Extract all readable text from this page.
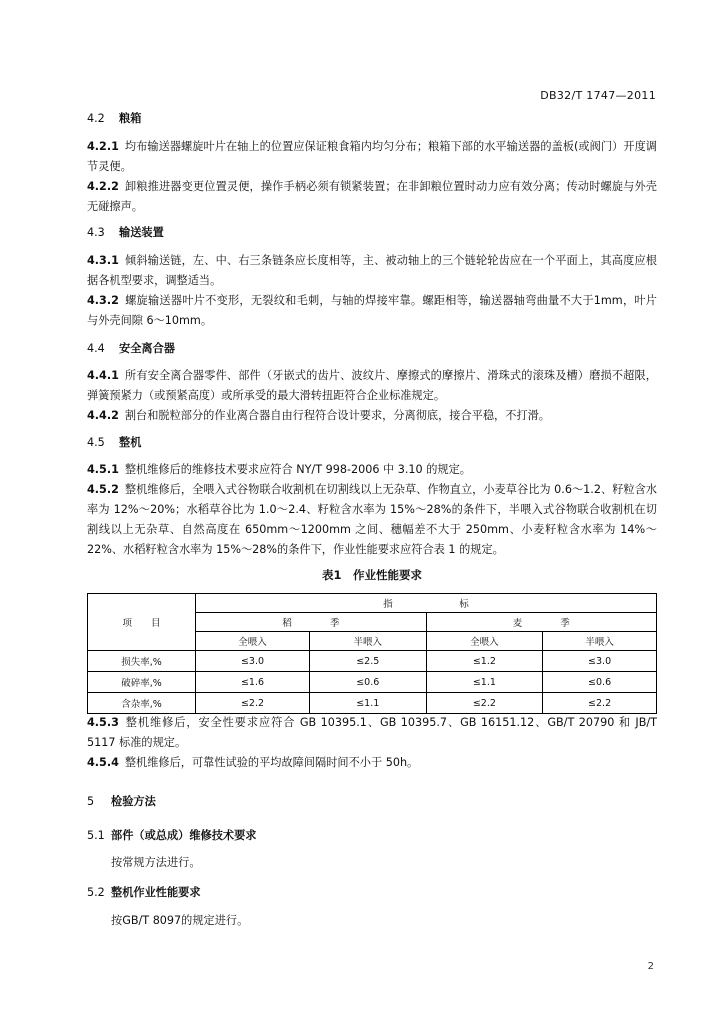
DB32/T 1747—2011
4.2 粮箱
4.2.1 均布输送器螺旋叶片在轴上的位置应保证粮食箱内均匀分布；粮箱下部的水平输送器的盖板(或阀门）开度调节灵便。
4.2.2 卸粮推进器变更位置灵便，操作手柄必须有锁紧装置；在非卸粮位置时动力应有效分离；传动时螺旋与外壳无碰擦声。
4.3 输送装置
4.3.1 倾斜输送链，左、中、右三条链条应长度相等，主、被动轴上的三个链轮轮齿应在一个平面上，其高度应根据各机型要求，调整适当。
4.3.2 螺旋输送器叶片不变形，无裂纹和毛刺，与轴的焊接牢靠。螺距相等，输送器轴弯曲量不大于1mm，叶片与外壳间隙 6～10mm。
4.4 安全离合器
4.4.1 所有安全离合器零件、部件（牙嵌式的齿片、波纹片、摩擦式的摩擦片、滑珠式的滚珠及槽）磨损不超限，弹簧预紧力（或预紧高度）或所承受的最大滑转扭距符合企业标准规定。
4.4.2 割台和脱粒部分的作业离合器自由行程符合设计要求，分离彻底，接合平稳，不打滑。
4.5 整机
4.5.1 整机维修后的维修技术要求应符合 NY/T 998-2006 中 3.10 的规定。
4.5.2 整机维修后，全喂入式谷物联合收割机在切割线以上无杂草、作物直立，小麦草谷比为 0.6～1.2、籽粒含水率为 12%～20%；水稻草谷比为 1.0～2.4、籽粒含水率为 15%～28%的条件下，半喂入式谷物联合收割机在切割线以上无杂草、自然高度在 650mm～1200mm 之间、穗幅差不大于 250mm、小麦籽粒含水率为 14%～22%、水稻籽粒含水率为 15%～28%的条件下，作业性能要求应符合表 1 的规定。
表1　作业性能要求
项　　目	指　　　　　　　标			
	稻　　　　季		麦　　　　季	
	全喂入	半喂入	全喂入	半喂入
损失率,%	≤3.0	≤2.5	≤1.2	≤3.0
破碎率,%	≤1.6	≤0.6	≤1.1	≤0.6
含杂率,%	≤2.2	≤1.1	≤2.2	≤2.2
4.5.3 整机维修后，安全性要求应符合 GB 10395.1、GB 10395.7、GB 16151.12、GB/T 20790 和 JB/T 5117 标准的规定。
4.5.4 整机维修后，可靠性试验的平均故障间隔时间不小于 50h。
5 检验方法
5.1 部件（或总成）维修技术要求
按常规方法进行。
5.2 整机作业性能要求
按GB/T 8097的规定进行。
2
